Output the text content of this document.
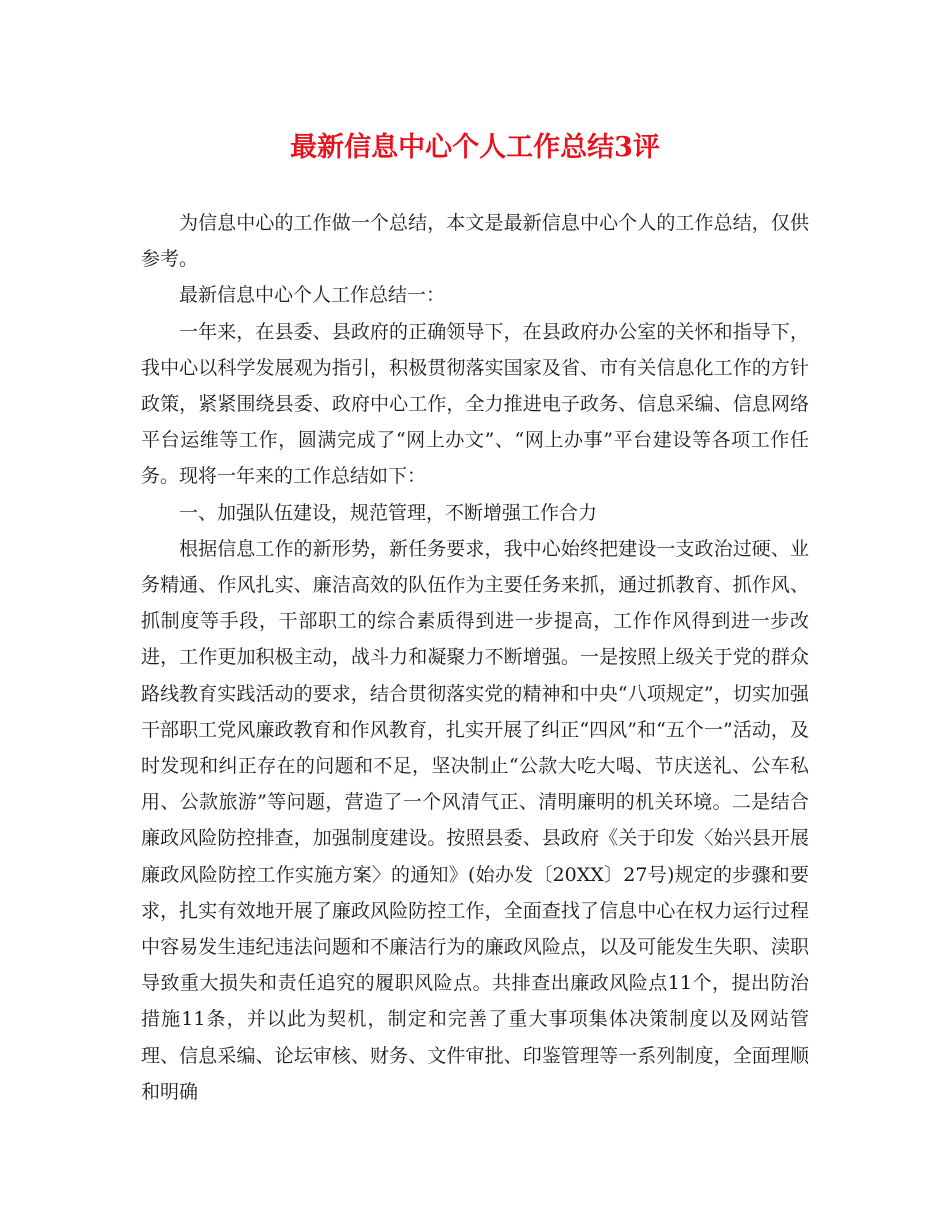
最新信息中心个人工作总结3评

为信息中心的工作做一个总结，本文是最新信息中心个人的工作总结，仅供参考。

最新信息中心个人工作总结一：

一年来，在县委、县政府的正确领导下，在县政府办公室的关怀和指导下，我中心以科学发展观为指引，积极贯彻落实国家及省、市有关信息化工作的方针政策，紧紧围绕县委、政府中心工作，全力推进电子政务、信息采编、信息网络平台运维等工作，圆满完成了“网上办文”、“网上办事”平台建设等各项工作任务。现将一年来的工作总结如下：

一、加强队伍建设，规范管理，不断增强工作合力

根据信息工作的新形势，新任务要求，我中心始终把建设一支政治过硬、业务精通、作风扎实、廉洁高效的队伍作为主要任务来抓，通过抓教育、抓作风、抓制度等手段，干部职工的综合素质得到进一步提高，工作作风得到进一步改进，工作更加积极主动，战斗力和凝聚力不断增强。一是按照上级关于党的群众路线教育实践活动的要求，结合贯彻落实党的精神和中央“八项规定”，切实加强干部职工党风廉政教育和作风教育，扎实开展了纠正“四风”和“五个一”活动，及时发现和纠正存在的问题和不足，坚决制止“公款大吃大喝、节庆送礼、公车私用、公款旅游”等问题，营造了一个风清气正、清明廉明的机关环境。二是结合廉政风险防控排查，加强制度建设。按照县委、县政府《关于印发〈始兴县开展廉政风险防控工作实施方案〉的通知》(始办发〔20XX〕27号)规定的步骤和要求，扎实有效地开展了廉政风险防控工作，全面查找了信息中心在权力运行过程中容易发生违纪违法问题和不廉洁行为的廉政风险点，以及可能发生失职、渎职导致重大损失和责任追究的履职风险点。共排查出廉政风险点11个，提出防治措施11条，并以此为契机，制定和完善了重大事项集体决策制度以及网站管理、信息采编、论坛审核、财务、文件审批、印鉴管理等一系列制度，全面理顺和明确
